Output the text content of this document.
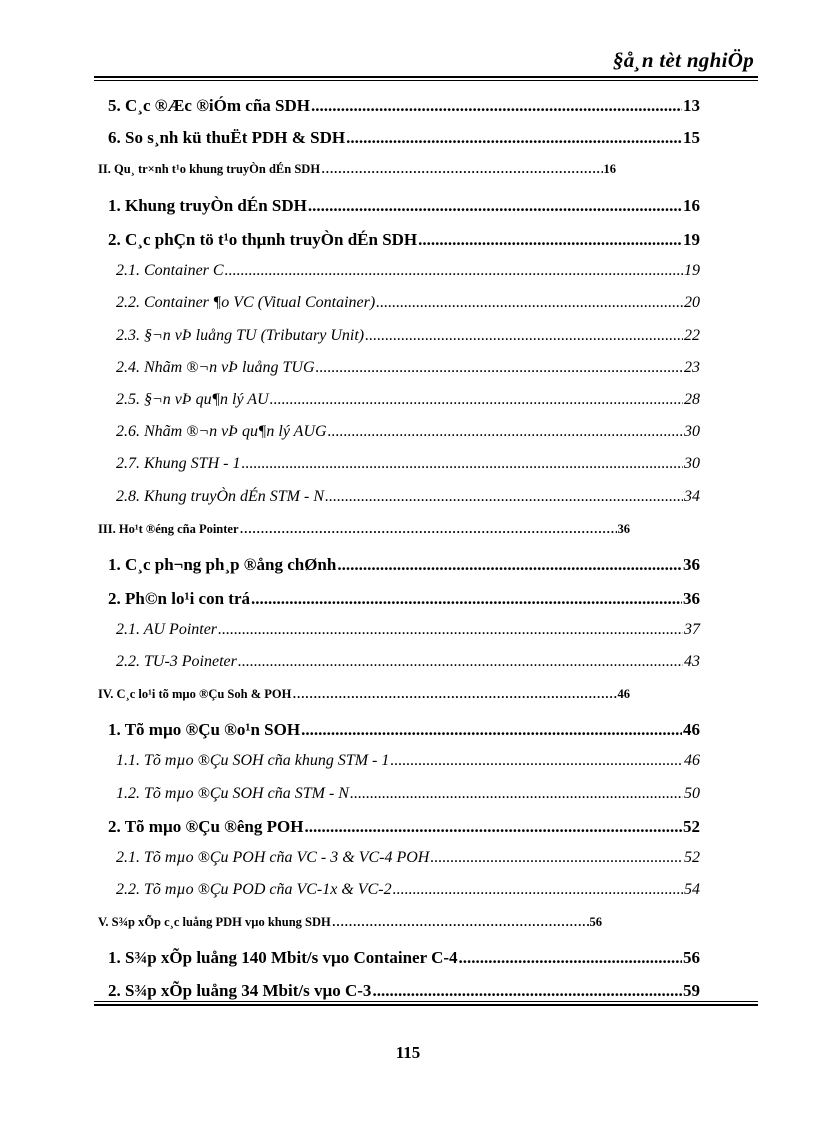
§å¸n tèt nghiÖp
5. C¸c ®Æc ®iÓm cña SDH .....	13
6. So s¸nh kü thuËt PDH & SDH .....	15
II. Qu¸ tr×nh t¹o khung truyÒn dÉn SDH ……………………………………………………………………………………………………………………………………………………	16
1. Khung truyÒn dÉn SDH .....	16
2. C¸c phÇn tö t¹o thµnh truyÒn dÉn SDH .....	19
2.1. Container C .....	19
2.2. Container ¶o VC (Vitual Container) .....	20
2.3. §¬n vÞ luång TU (Tributary Unit) .....	22
2.4. Nhãm ®¬n vÞ luång TUG .....	23
2.5. §¬n vÞ qu¶n lý AU .....	28
2.6. Nhãm ®¬n vÞ qu¶n lý AUG .....	30
2.7. Khung STH - 1 .....	30
2.8. Khung truyÒn dÉn STM - N .....	34
III. Ho¹t ®éng cña Pointer ……………………………………………………………………………………………………………………………………………………	36
1. C¸c ph¬ng ph¸p ®ång chØnh .....	36
2. Ph©n lo¹i con trá .....	36
2.1. AU Pointer .....	37
2.2. TU-3 Poineter .....	43
IV. C¸c lo¹i tõ mµo ®Çu Soh & POH ……………………………………………………………………………………………………………………………………………………	46
1. Tõ mµo ®Çu ®o¹n SOH .....	46
1.1. Tõ mµo ®Çu SOH cña khung STM - 1 .....	46
1.2. Tõ mµo ®Çu SOH cña STM - N .....	50
2. Tõ mµo ®Çu ®êng POH .....	52
2.1. Tõ mµo ®Çu POH cña VC - 3 & VC-4 POH .....	52
2.2. Tõ mµo ®Çu POD cña VC-1x & VC-2 .....	54
V. S¾p xÕp c¸c luång PDH vµo khung SDH ……………………………………………………………………………………………………………………………………………………	56
1. S¾p xÕp luång 140 Mbit/s vµo Container C-4 .....	56
2. S¾p xÕp luång 34 Mbit/s vµo C-3 .....	59
115
